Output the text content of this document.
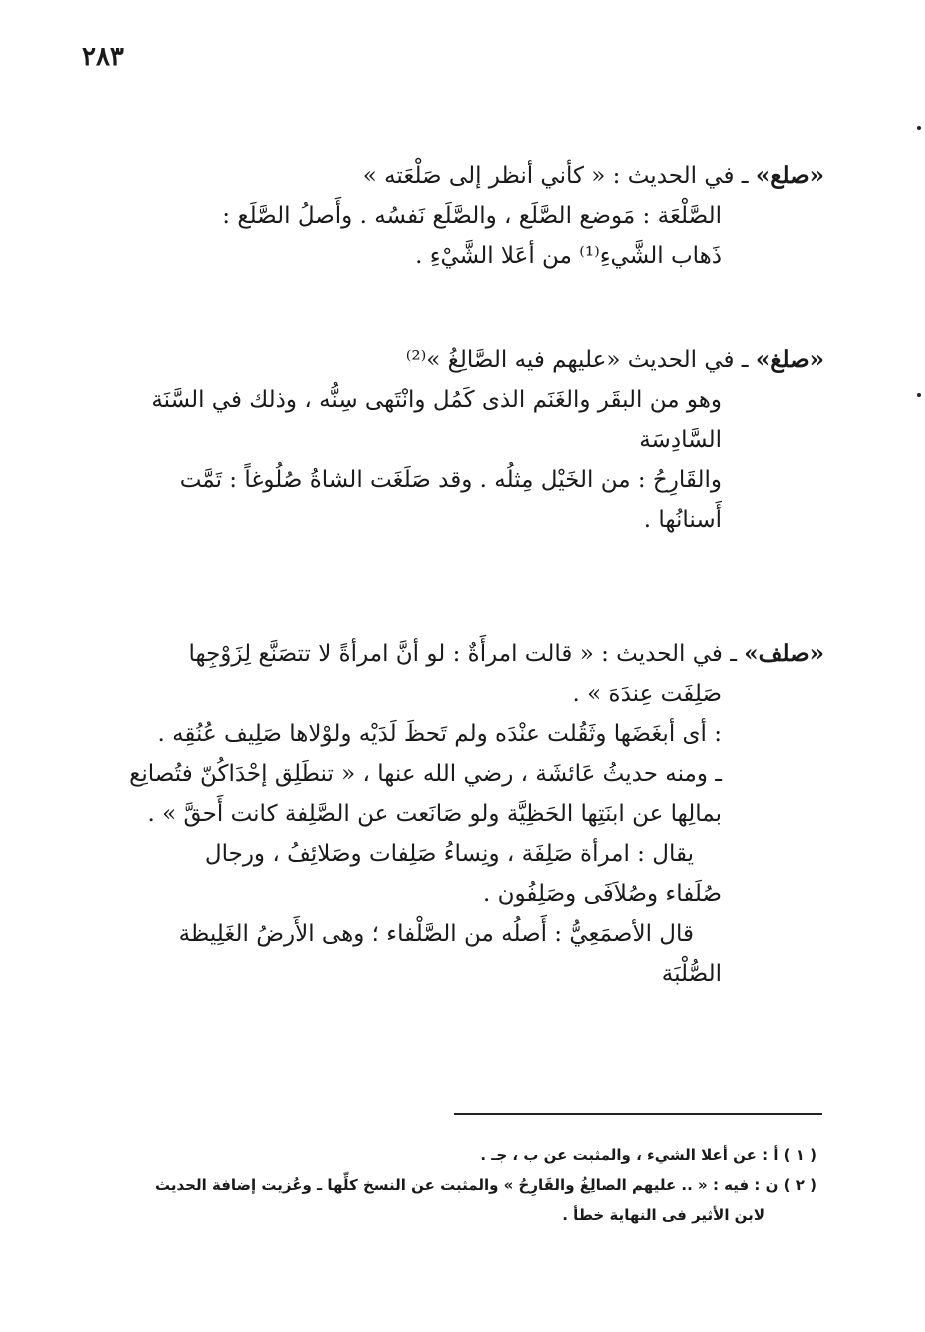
٢٨٣
«صلع» ـ في الحديث : « كأني أنظر إلى صَلْعَته »
الصَّلْعَة : مَوضع الصَّلَع ، والصَّلَع نَفسُه . وأَصلُ الصَّلَع :
ذَهاب الشَّيءِ⁽¹⁾ من أعَلا الشَّيْءِ .
«صلغ» ـ في الحديث «عليهم فيه الصَّالِغُ »⁽²⁾
وهو من البقَر والغَنَم الذى كَمُل وانْتَهى سِنُّه ، وذلك في السَّنَة
السَّادِسَة
والقَارِحُ : من الخَيْل مِثلُه . وقد صَلَغَت الشاةُ صُلُوغاً : تَمَّت
أَسنانُها .
«صلف» ـ في الحديث : « قالت امرأَةٌ : لو أنَّ امرأةً لا تتصَنَّع لِزَوْجِها
صَلِفَت عِندَهَ » .
: أى أبغَضَها وثَقُلت عنْدَه ولم تَحظَ لَدَيْه ولوْلاها صَلِيف عُنُقِه .
ـ ومنه حديثُ عَائشَة ، رضي الله عنها ، « تنطَلِق إحْدَاكُنّ فتُصانِع
بمالِها عن ابنَتِها الحَظِيَّة ولو صَانَعت عن الصَّلِفة كانت أَحقَّ » .
يقال : امرأة صَلِفَة ، ونِساءُ صَلِفات وصَلائِفُ ، ورجال
صُلَفاء وصُلاَفَى وصَلِفُون .
قال الأصمَعِيُّ : أَصلُه من الصَّلْفاء ؛ وهى الأَرضُ الغَلِيظة
الصُّلْبَة
( ١ ) أ : عن أعلا الشيء ، والمثبت عن ب ، جـ .
( ٢ ) ن : فيه : « .. عليهم الصالِغُ والقَارِحُ » والمثبت عن النسخ كلِّها ـ وعُزيت إضافة الحديث
لابن الأثير فى النهاية خطأ .
